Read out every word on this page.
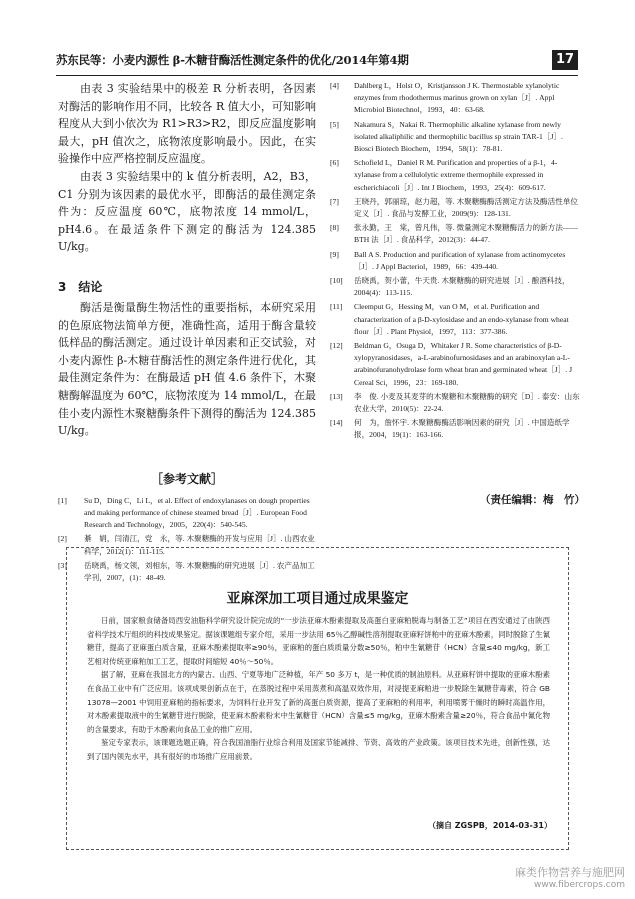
苏东民等：小麦内源性 β-木糖苷酶活性测定条件的优化/2014年第4期	17

由表 3 实验结果中的极差 R 分析表明，各因素对酶活的影响作用不同，比较各 R 值大小，可知影响程度从大到小依次为 R1>R3>R2，即反应温度影响最大，pH 值次之，底物浓度影响最小。因此，在实验操作中应严格控制反应温度。

由表 3 实验结果中的 k 值分析表明，A2，B3，C1 分别为该因素的最优水平，即酶活的最佳测定条件为：反应温度 60℃，底物浓度 14 mmol/L，pH4.6。在最适条件下测定的酶活为 124.385 U/kg。

3　结论

酶活是衡量酶生物活性的重要指标，本研究采用的色原底物法简单方便，准确性高，适用于酶含量较低样品的酶活测定。通过设计单因素和正交试验，对小麦内源性 β-木糖苷酶活性的测定条件进行优化，其最佳测定条件为：在酶最适 pH 值 4.6 条件下，木聚糖酶解温度为 60℃，底物浓度为 14 mmol/L，在最佳小麦内源性木聚糖酶条件下测得的酶活为 124.385 U/kg。

［参考文献］
[1] Su D，Ding C，Li L，et al. Effect of endoxylanases on dough properties and making performance of chinese steamed bread［J］. European Food Research and Technology，2005，220(4)：540-545.
[2] 綦　娟，闫清江，党　永，等. 木聚糖酶的开发与应用［J］. 山西农业科学，2012(1)：111-115.
[3] 岳晓禹，杨文领，刘相东，等. 木聚糖酶的研究进展［J］. 农产品加工学刊，2007，(1)：48-49.
[4] Dahlberg L，Holst O，Kristjansson J K. Thermostable xylanolytic enzymes from rhodothermus marinus grown on xylan［J］. Appl Microbiol Biotechnol，1993，40：63-68.
[5] Nakamura S，Nakai R. Thermophilic alkaline xylanase from newly isolated alkaliphilic and thermophilic bacillus sp strain TAR-1［J］. Biosci Biotech Biochem，1994，58(1)：78-81.
[6] Schofield L，Daniel R M. Purification and properties of a β-1，4-xylanase from a cellulolytic extreme thermophile expressed in escherichiacoli［J］. Int J Biochem，1993，25(4)：609-617.
[7] 王晓丹，郭丽琼，赵力超，等. 木聚糖酶酶活测定方法及酶活性单位定义［J］. 食品与发酵工业，2009(9)：128-131.
[8] 张永勤，王　棠，曾凡伟，等. 微量测定木聚糖酶活力的新方法——BTH 法［J］. 食品科学，2012(3)：44-47.
[9] Ball A S. Production and purification of xylanase from actinomycetes［J］. J Appl Bacteriol，1989，66：439-440.
[10] 岳晓禹，贺小蕾，牛天贵. 木聚糖酶的研究进展［J］. 酿酒科技，2004(4)：113-115.
[11] Cleemput G，Hessing M，van O M，et al. Purification and characterization of a β-D-xylosidase and an endo-xylanase from wheat flour［J］. Plant Physiol，1997，113：377-386.
[12] Beldman G，Osuga D，Whitaker J R. Some characteristics of β-D-xylopyranosidases，a-L-arabinofurnosidases and an arabinoxylan a-L-arabinofuranohydrolase form wheat bran and germinated wheat［J］. J Cereal Sci，1996，23：169-180.
[13] 李　俊. 小麦及其麦芽的木聚糖和木聚糖酶的研究［D］. 泰安：山东农业大学，2010(5)：22-24.
[14] 何　为，詹怀宇. 木聚糖酶酶活影响因素的研究［J］. 中国造纸学报，2004，19(1)：163-166.
（责任编辑：梅　竹）
亚麻深加工项目通过成果鉴定

日前，国家粮食储备局西安油脂科学研究设计院完成的“一步法亚麻木酚素提取及高蛋白亚麻粕脱毒与制备工艺”项目在西安通过了由陕西省科学技术厅组织的科技成果鉴定。据该课题组专家介绍，采用一步法用 65％乙醇碱性溶剂提取亚麻籽饼粕中的亚麻木酚素，同时脱除了生氰糖苷，提高了亚麻蛋白质含量，亚麻木酚素提取率≥90％，亚麻粕的蛋白质质量分数≥50％，粕中生氰糖苷（HCN）含量≤40 mg/kg，新工艺相对传统亚麻粕加工工艺，提取时间缩短 40％～50％。

据了解，亚麻在我国北方的内蒙古、山西、宁夏等地广泛种植，年产 50 多万 t，是一种优质的制油原料。从亚麻籽饼中提取的亚麻木酚素在食品工业中有广泛应用。该项成果创新点在于，在蒸脱过程中采用蒸煮和高温双效作用，对浸提亚麻粕进一步脱除生氰糖苷毒素，符合 GB 13078—2001 中饲用亚麻粕的指标要求，为饲料行业开发了新的高蛋白质资源，提高了亚麻粕的利用率，利用喷雾干燥时的瞬时高温作用，对木酚素提取液中的生氰糖苷进行脱除，使亚麻木酚素粉末中生氰糖苷（HCN）含量≤5 mg/kg，亚麻木酚素含量≥20％，符合食品中氰化物的含量要求，有助于木酚素向食品工业的推广应用。

鉴定专家表示，该课题选题正确，符合我国油脂行业综合利用及国家节能减排、节资、高效的产业政策。该项目技术先进，创新性强，达到了国内领先水平，具有很好的市场推广应用前景。

（摘自 ZGSPB，2014-03-31）
麻类作物营养与施肥网
www.fibercrops.com
